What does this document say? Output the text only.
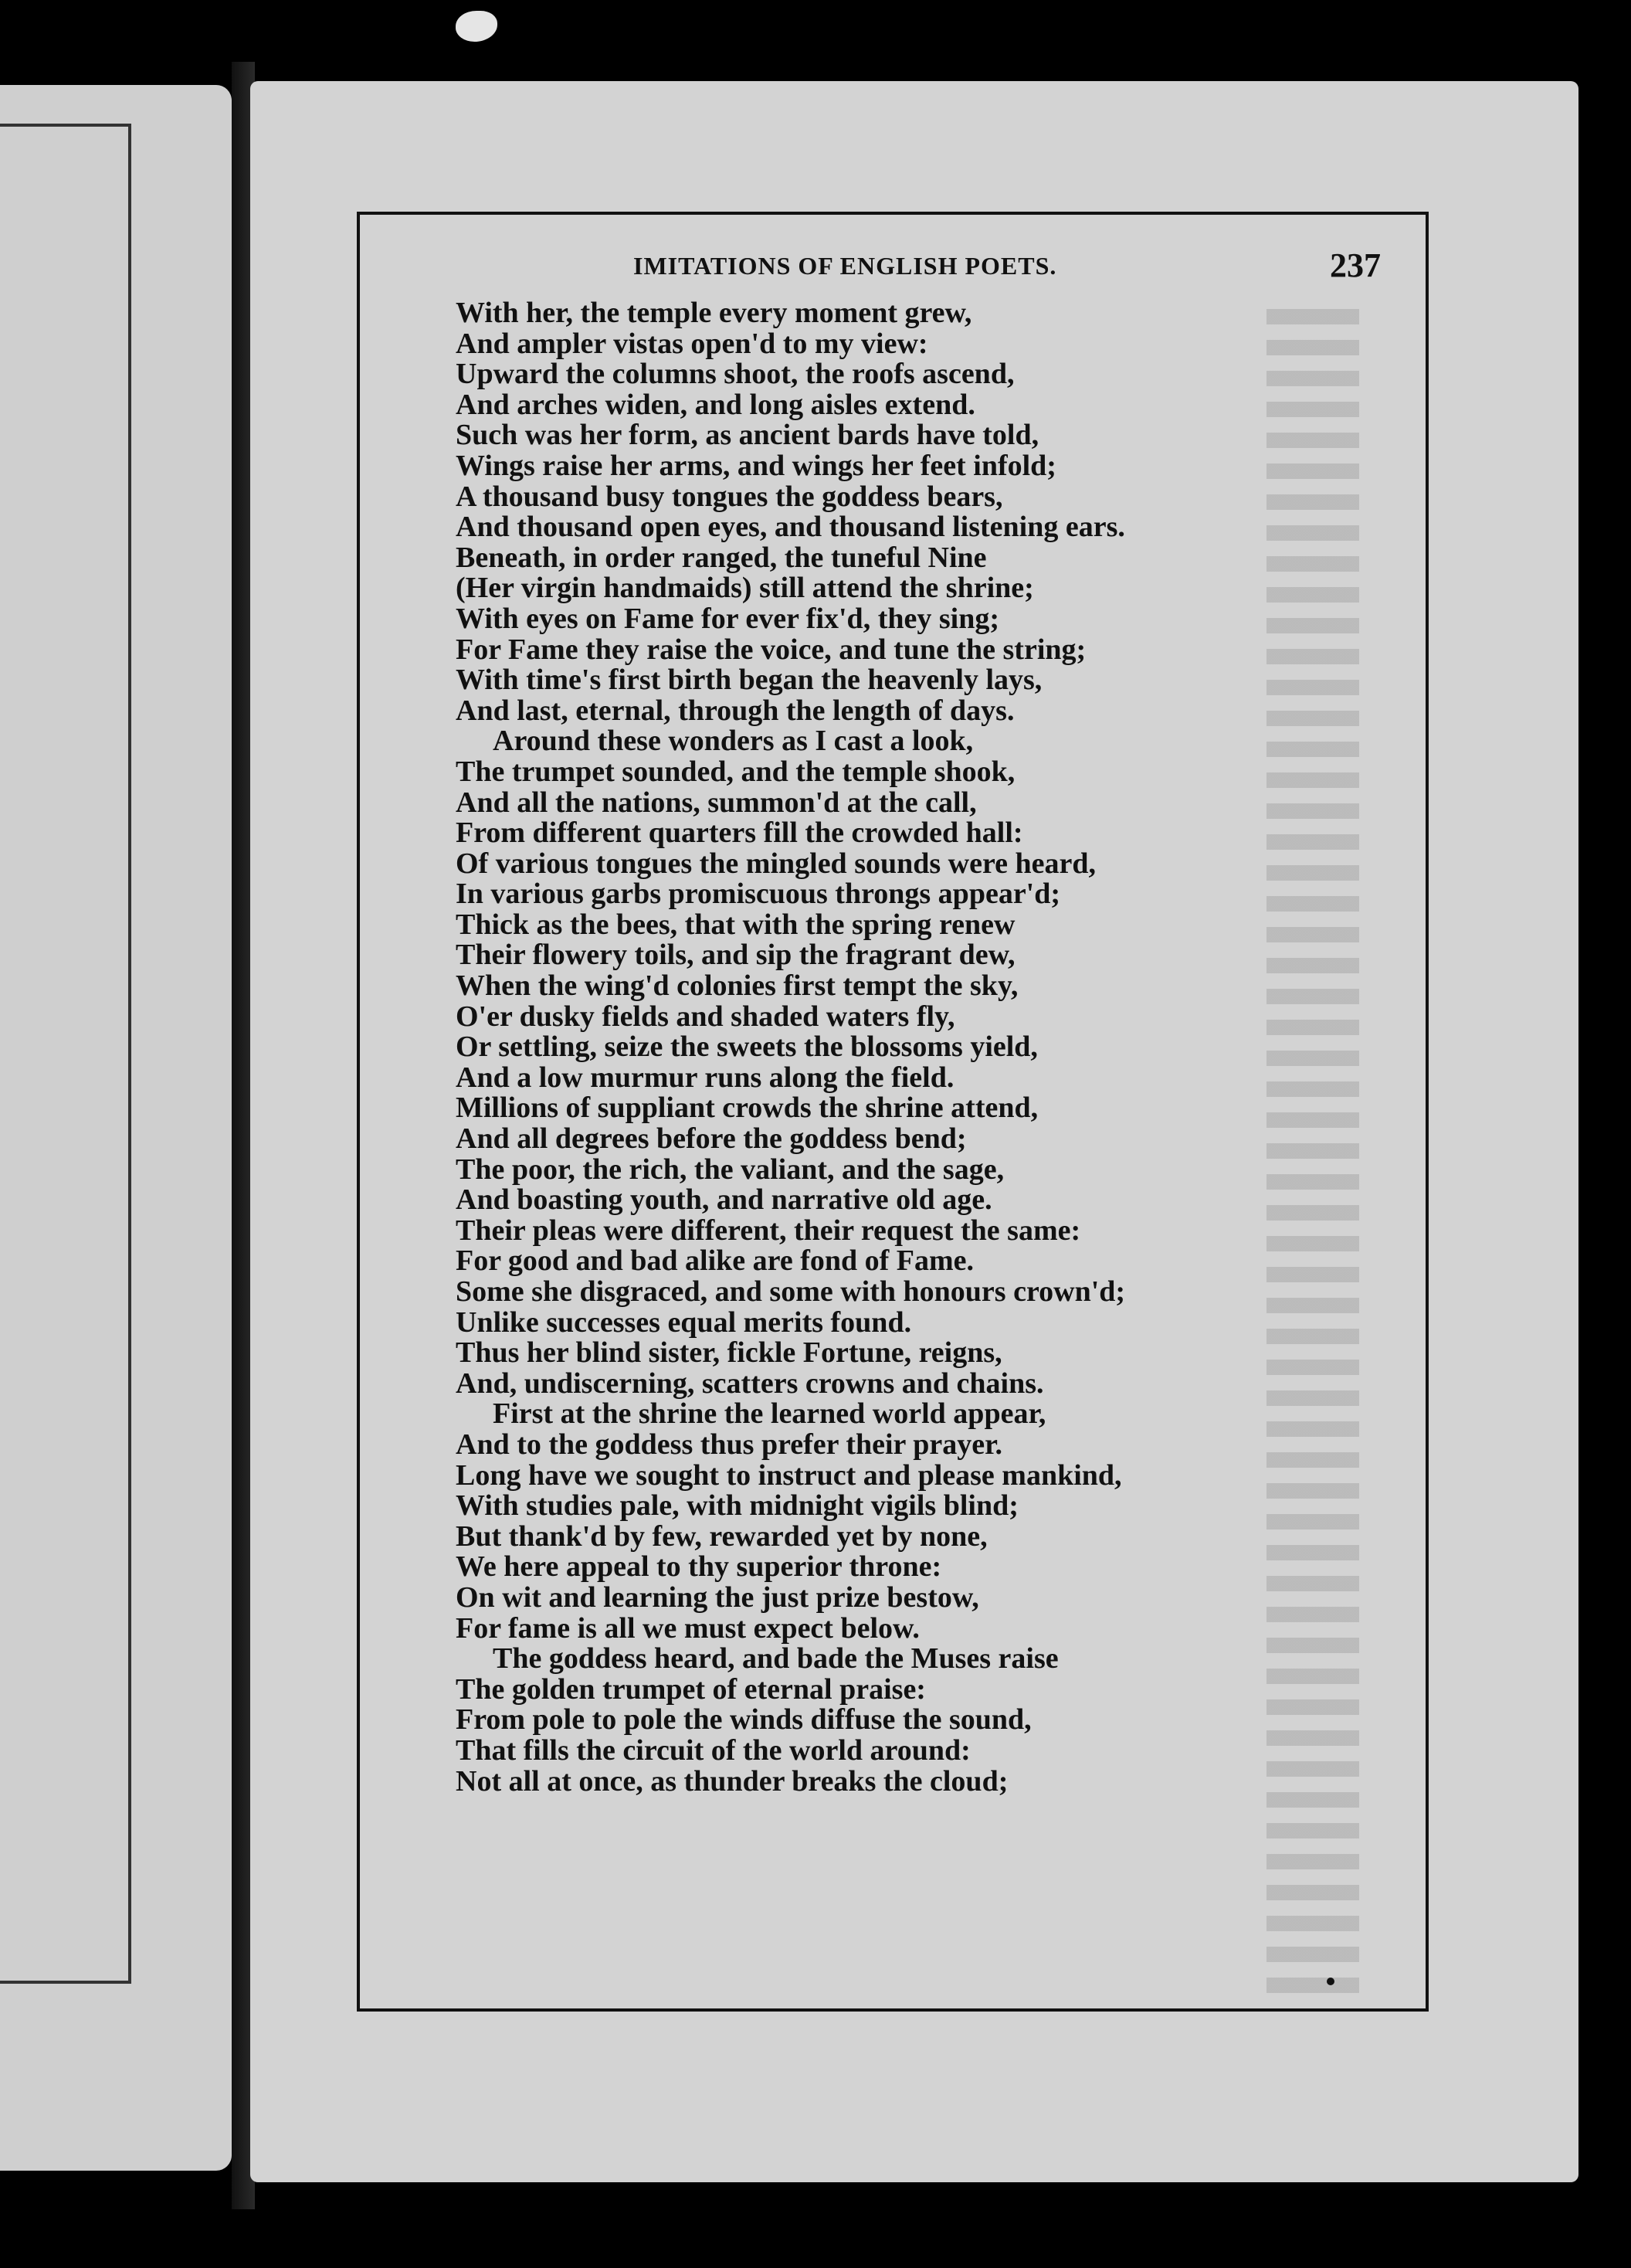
IMITATIONS OF ENGLISH POETS.	237
With her, the temple every moment grew,
And ampler vistas open'd to my view:
Upward the columns shoot, the roofs ascend,
And arches widen, and long aisles extend.
Such was her form, as ancient bards have told,
Wings raise her arms, and wings her feet infold;
A thousand busy tongues the goddess bears,
And thousand open eyes, and thousand listening ears.
Beneath, in order ranged, the tuneful Nine
(Her virgin handmaids) still attend the shrine;
With eyes on Fame for ever fix'd, they sing;
For Fame they raise the voice, and tune the string;
With time's first birth began the heavenly lays,
And last, eternal, through the length of days.
Around these wonders as I cast a look,
The trumpet sounded, and the temple shook,
And all the nations, summon'd at the call,
From different quarters fill the crowded hall:
Of various tongues the mingled sounds were heard,
In various garbs promiscuous throngs appear'd;
Thick as the bees, that with the spring renew
Their flowery toils, and sip the fragrant dew,
When the wing'd colonies first tempt the sky,
O'er dusky fields and shaded waters fly,
Or settling, seize the sweets the blossoms yield,
And a low murmur runs along the field.
Millions of suppliant crowds the shrine attend,
And all degrees before the goddess bend;
The poor, the rich, the valiant, and the sage,
And boasting youth, and narrative old age.
Their pleas were different, their request the same:
For good and bad alike are fond of Fame.
Some she disgraced, and some with honours crown'd;
Unlike successes equal merits found.
Thus her blind sister, fickle Fortune, reigns,
And, undiscerning, scatters crowns and chains.
First at the shrine the learned world appear,
And to the goddess thus prefer their prayer.
Long have we sought to instruct and please mankind,
With studies pale, with midnight vigils blind;
But thank'd by few, rewarded yet by none,
We here appeal to thy superior throne:
On wit and learning the just prize bestow,
For fame is all we must expect below.
The goddess heard, and bade the Muses raise
The golden trumpet of eternal praise:
From pole to pole the winds diffuse the sound,
That fills the circuit of the world around:
Not all at once, as thunder breaks the cloud;
